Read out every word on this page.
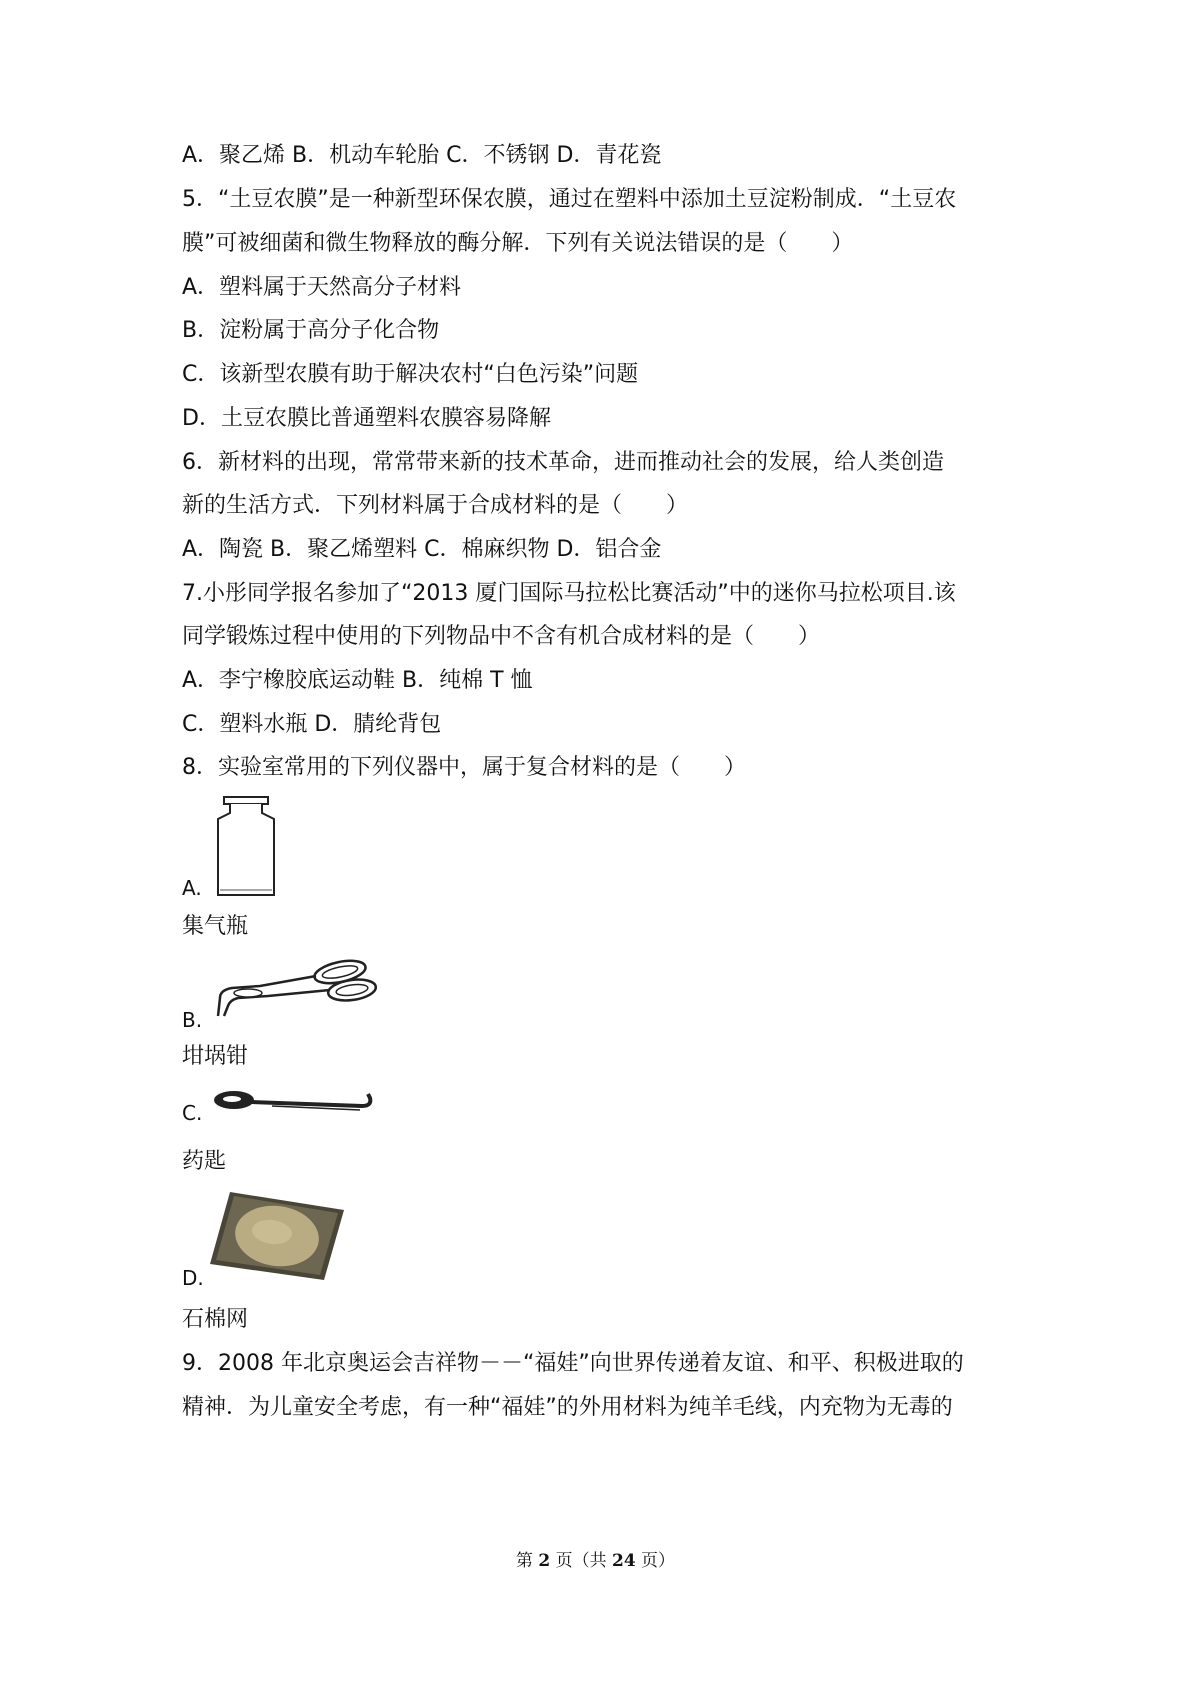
A．聚乙烯 B．机动车轮胎 C．不锈钢 D．青花瓷
5．“土豆农膜”是一种新型环保农膜，通过在塑料中添加土豆淀粉制成．“土豆农
膜”可被细菌和微生物释放的酶分解．下列有关说法错误的是（　　）
A．塑料属于天然高分子材料
B．淀粉属于高分子化合物
C．该新型农膜有助于解决农村“白色污染”问题
D．土豆农膜比普通塑料农膜容易降解
6．新材料的出现，常常带来新的技术革命，进而推动社会的发展，给人类创造
新的生活方式．下列材料属于合成材料的是（　　）
A．陶瓷 B．聚乙烯塑料 C．棉麻织物 D．铝合金
7.小彤同学报名参加了“2013 厦门国际马拉松比赛活动”中的迷你马拉松项目.该
同学锻炼过程中使用的下列物品中不含有机合成材料的是（　　）
A．李宁橡胶底运动鞋 B．纯棉 T 恤
C．塑料水瓶 D．腈纶背包
8．实验室常用的下列仪器中，属于复合材料的是（　　）
A.
集气瓶
B.
坩埚钳
C.
药匙
D.
石棉网
9．2008 年北京奥运会吉祥物－－“福娃”向世界传递着友谊、和平、积极进取的
精神．为儿童安全考虑，有一种“福娃”的外用材料为纯羊毛线，内充物为无毒的
第 2 页（共 24 页）
